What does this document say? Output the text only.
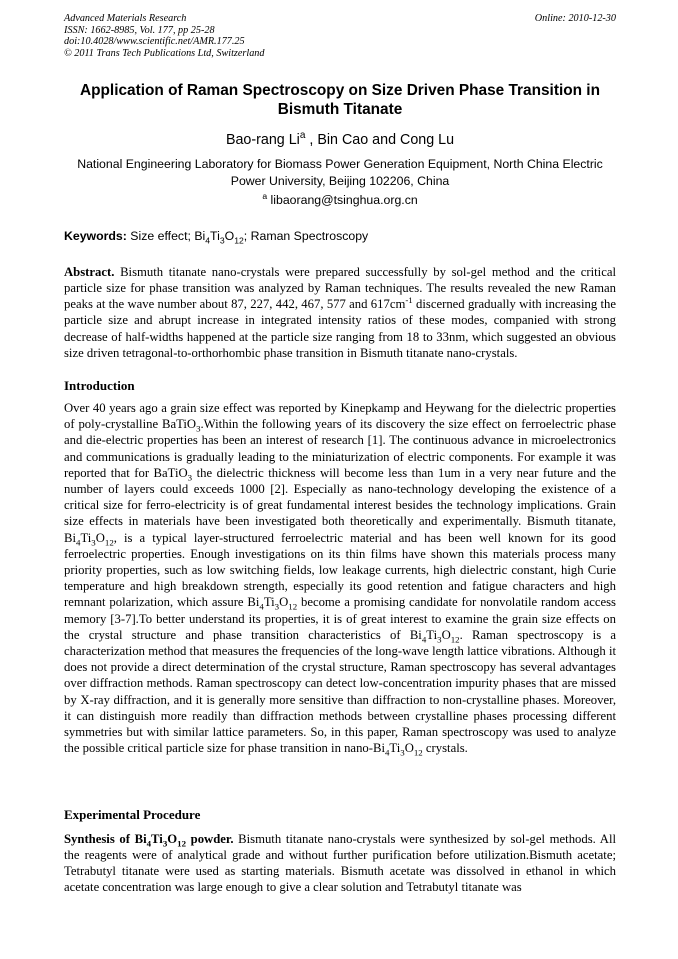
Advanced Materials Research
ISSN: 1662-8985, Vol. 177, pp 25-28
doi:10.4028/www.scientific.net/AMR.177.25
© 2011 Trans Tech Publications Ltd, Switzerland
Online: 2010-12-30
Application of Raman Spectroscopy on Size Driven Phase Transition in Bismuth Titanate
Bao-rang Li$^a$ , Bin Cao and Cong Lu
National Engineering Laboratory for Biomass Power Generation Equipment, North China Electric Power University, Beijing 102206, China
$^a$ libaorang@tsinghua.org.cn
Keywords: Size effect; $Bi_4Ti_3O_{12}$; Raman Spectroscopy
Abstract. Bismuth titanate nano-crystals were prepared successfully by sol-gel method and the critical particle size for phase transition was analyzed by Raman techniques. The results revealed the new Raman peaks at the wave number about 87, 227, 442, 467, 577 and $617cm^{-1}$ discerned gradually with increasing the particle size and abrupt increase in integrated intensity ratios of these modes, companied with strong decrease of half-widths happened at the particle size ranging from 18 to 33nm, which suggested an obvious size driven tetragonal-to-orthorhombic phase transition in Bismuth titanate nano-crystals.
Introduction
Over 40 years ago a grain size effect was reported by Kinepkamp and Heywang for the dielectric properties of poly-crystalline BaTiO$_3$.Within the following years of its discovery the size effect on ferroelectric phase and die-electric properties has been an interest of research [1]. The continuous advance in microelectronics and communications is gradually leading to the miniaturization of electric components. For example it was reported that for BaTiO$_3$ the dielectric thickness will become less than 1um in a very near future and the number of layers could exceeds 1000 [2]. Especially as nano-technology developing the existence of a critical size for ferro-electricity is of great fundamental interest besides the technology implications. Grain size effects in materials have been investigated both theoretically and experimentally. Bismuth titanate, $Bi_4Ti_3O_{12}$, is a typical layer-structured ferroelectric material and has been well known for its good ferroelectric properties. Enough investigations on its thin films have shown this materials process many priority properties, such as low switching fields, low leakage currents, high dielectric constant, high Curie temperature and high breakdown strength, especially its good retention and fatigue characters and high remnant polarization, which assure $Bi_4Ti_3O_{12}$ become a promising candidate for nonvolatile random access memory [3-7].To better understand its properties, it is of great interest to examine the grain size effects on the crystal structure and phase transition characteristics of $Bi_4Ti_3O_{12}$. Raman spectroscopy is a characterization method that measures the frequencies of the long-wave length lattice vibrations. Although it does not provide a direct determination of the crystal structure, Raman spectroscopy has several advantages over diffraction methods. Raman spectroscopy can detect low-concentration impurity phases that are missed by X-ray diffraction, and it is generally more sensitive than diffraction to non-crystalline phases. Moreover, it can distinguish more readily than diffraction methods between crystalline phases processing different symmetries but with similar lattice parameters. So, in this paper, Raman spectroscopy was used to analyze the possible critical particle size for phase transition in nano-$Bi_4Ti_3O_{12}$ crystals.
Experimental Procedure
Synthesis of $Bi_4Ti_3O_{12}$ powder. Bismuth titanate nano-crystals were synthesized by sol-gel methods. All the reagents were of analytical grade and without further purification before utilization.Bismuth acetate; Tetrabutyl titanate were used as starting materials. Bismuth acetate was dissolved in ethanol in which acetate concentration was large enough to give a clear solution and Tetrabutyl titanate was
